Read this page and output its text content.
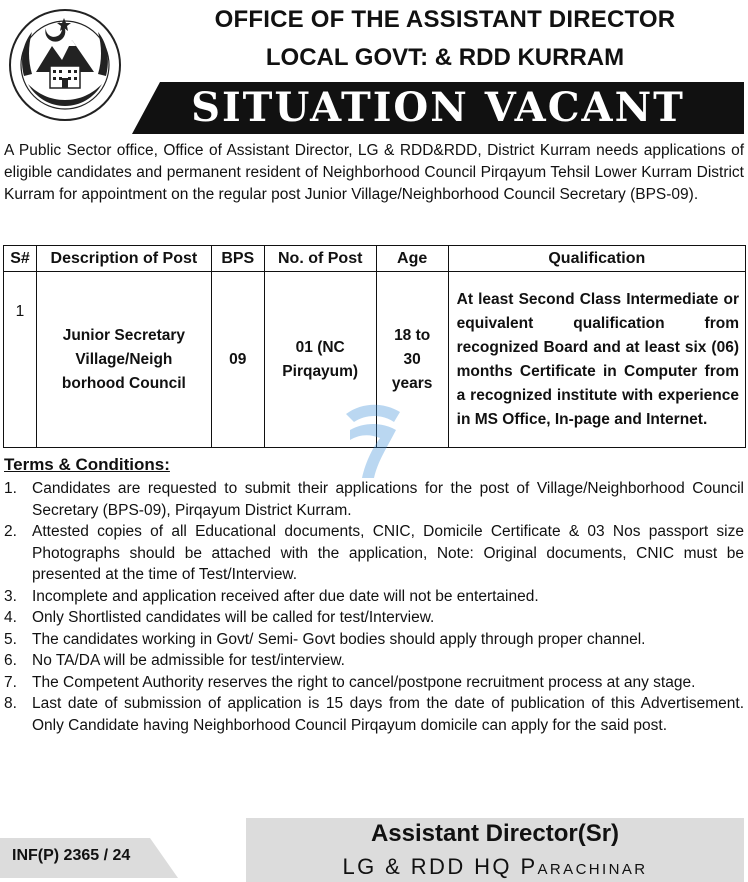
OFFICE OF THE ASSISTANT DIRECTOR
LOCAL GOVT: & RDD KURRAM
SITUATION VACANT

A Public Sector office, Office of Assistant Director, LG & RDD&RDD, District Kurram needs applications of eligible candidates and permanent resident of Neighborhood Council Pirqayum Tehsil Lower Kurram District Kurram for appointment on the regular post Junior Village/Neighborhood Council Secretary (BPS-09).

S#	Description of Post	BPS	No. of Post	Age	Qualification
1	Junior Secretary Village/Neigh borhood Council	09	01 (NC Pirqayum)	18 to 30 years	At least Second Class Intermediate or equivalent qualification from recognized Board and at least six (06) months Certificate in Computer from a recognized institute with experience in MS Office, In-page and Internet.
Terms & Conditions:
1. Candidates are requested to submit their applications for the post of Village/Neighborhood Council Secretary (BPS-09), Pirqayum District Kurram.
2. Attested copies of all Educational documents, CNIC, Domicile Certificate & 03 Nos passport size Photographs should be attached with the application, Note: Original documents, CNIC must be presented at the time of Test/Interview.
3. Incomplete and application received after due date will not be entertained.
4. Only Shortlisted candidates will be called for test/Interview.
5. The candidates working in Govt/ Semi- Govt bodies should apply through proper channel.
6. No TA/DA will be admissible for test/interview.
7. The Competent Authority reserves the right to cancel/postpone recruitment process at any stage.
8. Last date of submission of application is 15 days from the date of publication of this Advertisement. Only Candidate having Neighborhood Council Pirqayum domicile can apply for the said post.
INF(P) 2365 / 24
Assistant Director(Sr)
LG & RDD HQ Parachinar
